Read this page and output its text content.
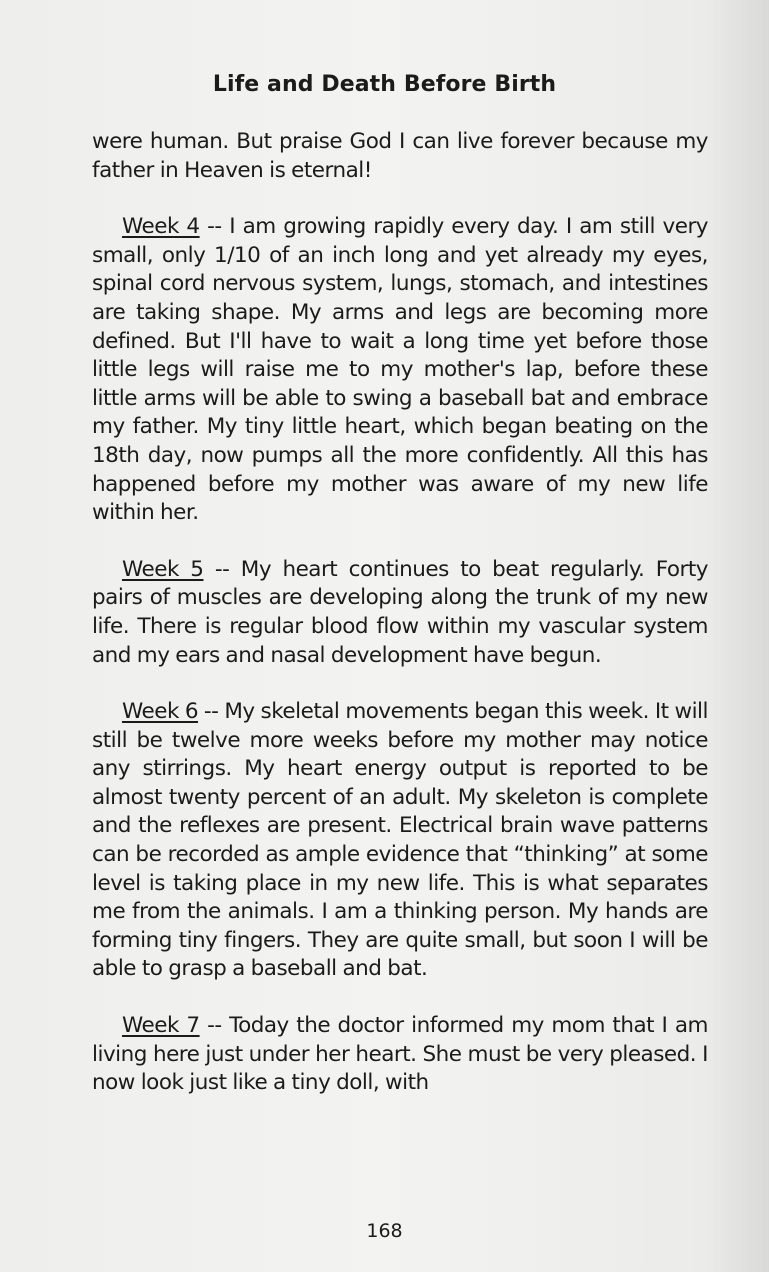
Life and Death Before Birth

were human. But praise God I can live forever because my father in Heaven is eternal!

Week 4 -- I am growing rapidly every day. I am still very small, only 1/10 of an inch long and yet already my eyes, spinal cord nervous system, lungs, stomach, and intestines are taking shape. My arms and legs are becoming more defined. But I'll have to wait a long time yet before those little legs will raise me to my mother's lap, before these little arms will be able to swing a baseball bat and embrace my father. My tiny little heart, which began beating on the 18th day, now pumps all the more confidently. All this has happened before my mother was aware of my new life within her.

Week 5 -- My heart continues to beat regularly. Forty pairs of muscles are developing along the trunk of my new life. There is regular blood flow within my vascular system and my ears and nasal development have begun.

Week 6 -- My skeletal movements began this week. It will still be twelve more weeks before my mother may notice any stirrings. My heart energy output is reported to be almost twenty percent of an adult. My skeleton is complete and the reflexes are present. Electrical brain wave patterns can be recorded as ample evidence that “thinking” at some level is taking place in my new life. This is what separates me from the animals. I am a thinking person. My hands are forming tiny fingers. They are quite small, but soon I will be able to grasp a baseball and bat.

Week 7 -- Today the doctor informed my mom that I am living here just under her heart. She must be very pleased. I now look just like a tiny doll, with

168
